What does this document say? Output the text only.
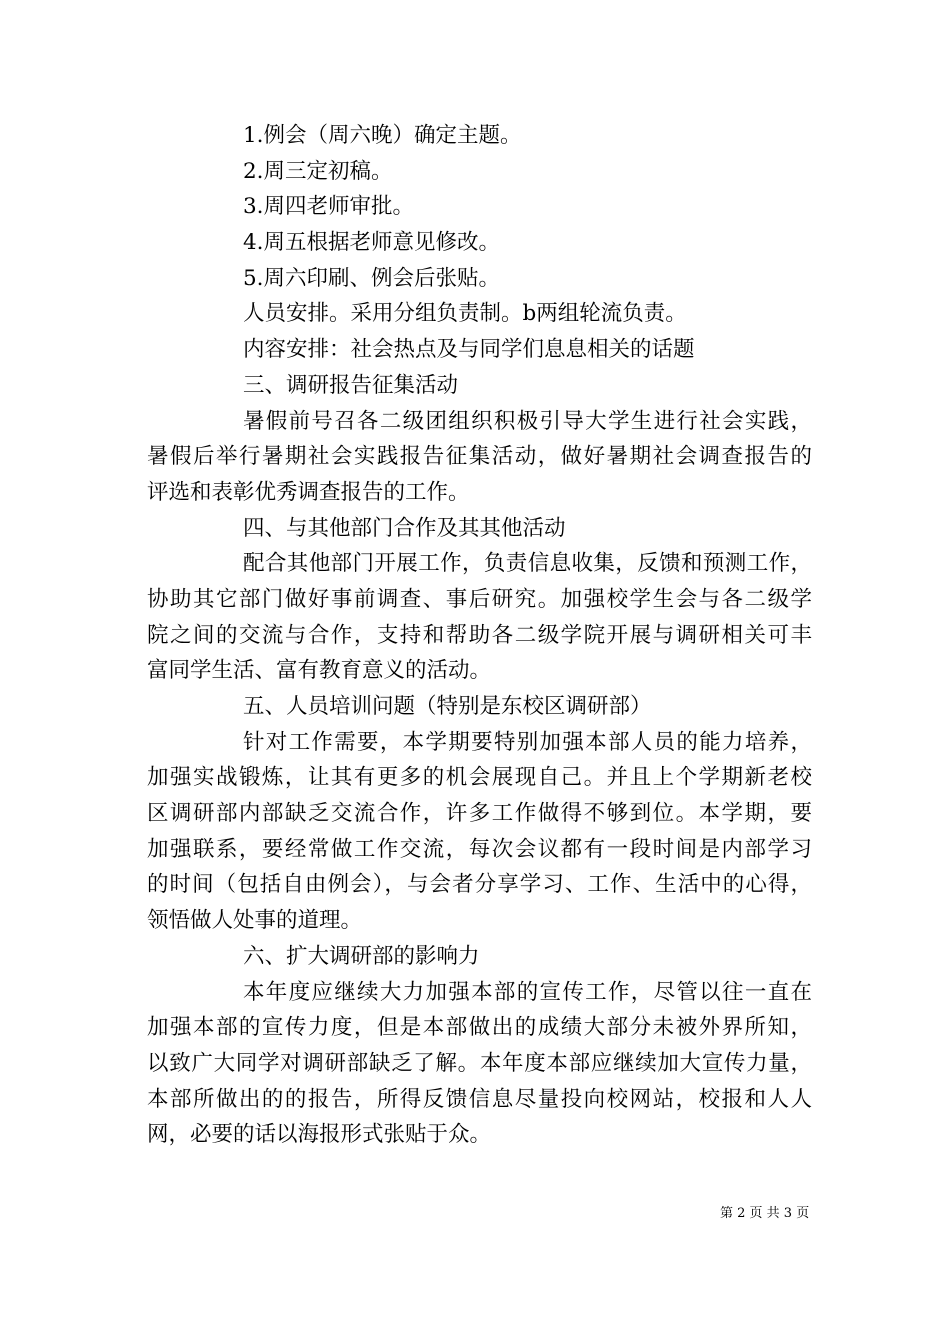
1.例会（周六晚）确定主题。
2.周三定初稿。
3.周四老师审批。
4.周五根据老师意见修改。
5.周六印刷、例会后张贴。
人员安排。采用分组负责制。b两组轮流负责。
内容安排：社会热点及与同学们息息相关的话题
三、调研报告征集活动
暑假前号召各二级团组织积极引导大学生进行社会实践，
暑假后举行暑期社会实践报告征集活动，做好暑期社会调查报告的
评选和表彰优秀调查报告的工作。
四、与其他部门合作及其其他活动
配合其他部门开展工作，负责信息收集，反馈和预测工作，
协助其它部门做好事前调查、事后研究。加强校学生会与各二级学
院之间的交流与合作，支持和帮助各二级学院开展与调研相关可丰
富同学生活、富有教育意义的活动。
五、人员培训问题（特别是东校区调研部）
针对工作需要，本学期要特别加强本部人员的能力培养，
加强实战锻炼，让其有更多的机会展现自己。并且上个学期新老校
区调研部内部缺乏交流合作，许多工作做得不够到位。本学期，要
加强联系，要经常做工作交流，每次会议都有一段时间是内部学习
的时间（包括自由例会），与会者分享学习、工作、生活中的心得，
领悟做人处事的道理。
六、扩大调研部的影响力
本年度应继续大力加强本部的宣传工作，尽管以往一直在
加强本部的宣传力度，但是本部做出的成绩大部分未被外界所知，
以致广大同学对调研部缺乏了解。本年度本部应继续加大宣传力量，
本部所做出的的报告，所得反馈信息尽量投向校网站，校报和人人
网，必要的话以海报形式张贴于众。
第 2 页 共 3 页
